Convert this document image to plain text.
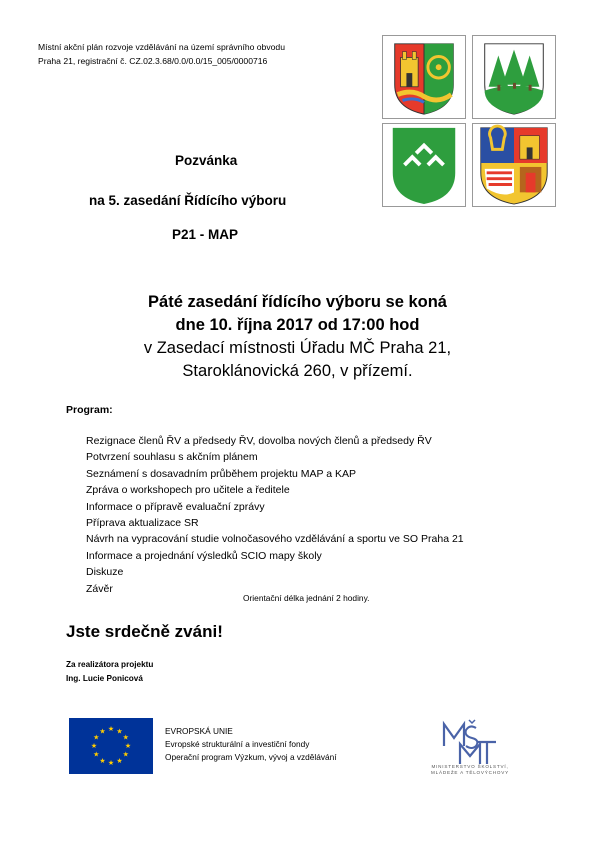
Místní akční plán rozvoje vzdělávání na území správního obvodu
Praha 21, registrační č. CZ.02.3.68/0.0/0.0/15_005/0000716
Pozvánka
na 5. zasedání Řídícího výboru
P21 - MAP
Páté zasedání řídícího výboru se koná
dne 10. října 2017 od 17:00 hod
v Zasedací místnosti Úřadu MČ Praha 21,
Staroklánovická 260, v přízemí.
Program:
Rezignace členů ŘV a předsedy ŘV, dovolba nových členů a předsedy ŘV
Potvrzení souhlasu s akčním plánem
Seznámení s dosavadním průběhem projektu MAP a KAP
Zpráva o workshopech pro učitele a ředitele
Informace o přípravě evaluační zprávy
Příprava aktualizace SR
Návrh na vypracování studie volnočasového vzdělávání a sportu ve SO Praha 21
Informace a projednání výsledků SCIO mapy školy
Diskuze
Závěr
Orientační délka jednání 2 hodiny.
Jste srdečně zváni!
Za realizátora projektu
Ing. Lucie Ponicová
★ ★
★
★
★
★
★
★
★
★
★
★	EVROPSKÁ UNIE
Evropské strukturální a investiční fondy
Operační program Výzkum, vývoj a vzdělávání
MINISTERSTVO ŠKOLSTVÍ,
MLÁDEŽE A TĚLOVÝCHOVY
